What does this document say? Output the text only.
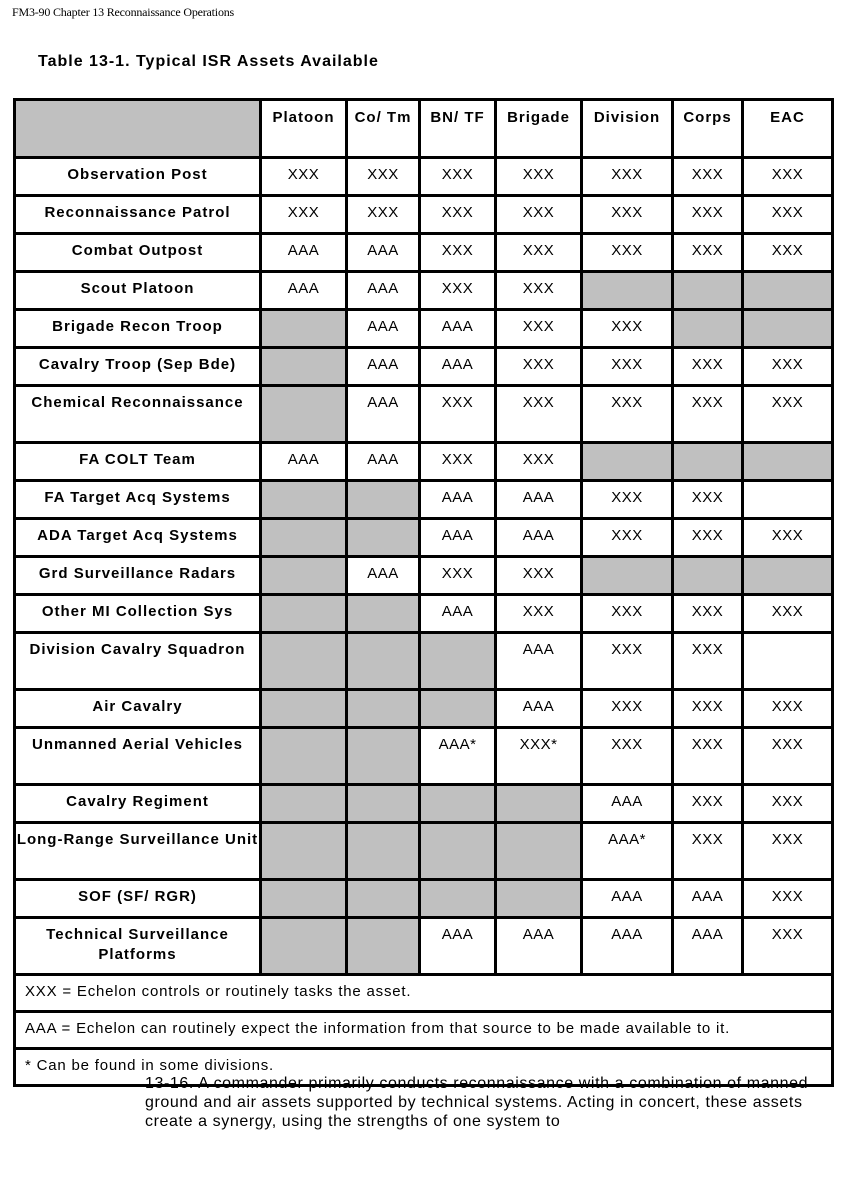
FM3-90 Chapter 13 Reconnaissance Operations
Table 13-1. Typical ISR Assets Available
	Platoon	Co/ Tm	BN/ TF	Brigade	Division	Corps	EAC
Observation Post	XXX	XXX	XXX	XXX	XXX	XXX	XXX
Reconnaissance Patrol	XXX	XXX	XXX	XXX	XXX	XXX	XXX
Combat Outpost	AAA	AAA	XXX	XXX	XXX	XXX	XXX
Scout Platoon	AAA	AAA	XXX	XXX			
Brigade Recon Troop		AAA	AAA	XXX	XXX		
Cavalry Troop (Sep Bde)		AAA	AAA	XXX	XXX	XXX	XXX
Chemical Reconnaissance		AAA	XXX	XXX	XXX	XXX	XXX
FA COLT Team	AAA	AAA	XXX	XXX			
FA Target Acq Systems			AAA	AAA	XXX	XXX	
ADA Target Acq Systems			AAA	AAA	XXX	XXX	XXX
Grd Surveillance Radars		AAA	XXX	XXX			
Other MI Collection Sys			AAA	XXX	XXX	XXX	XXX
Division Cavalry Squadron				AAA	XXX	XXX	
Air Cavalry				AAA	XXX	XXX	XXX
Unmanned Aerial Vehicles			AAA*	XXX*	XXX	XXX	XXX
Cavalry Regiment					AAA	XXX	XXX
Long-Range Surveillance Unit					AAA*	XXX	XXX
SOF (SF/ RGR)					AAA	AAA	XXX
Technical Surveillance Platforms			AAA	AAA	AAA	AAA	XXX
XXX = Echelon controls or routinely tasks the asset.							
AAA = Echelon can routinely expect the information from that source to be made available to it.							
* Can be found in some divisions.							

13-16. A commander primarily conducts reconnaissance with a combination of manned ground and air assets supported by technical systems. Acting in concert, these assets create a synergy, using the strengths of one system to
